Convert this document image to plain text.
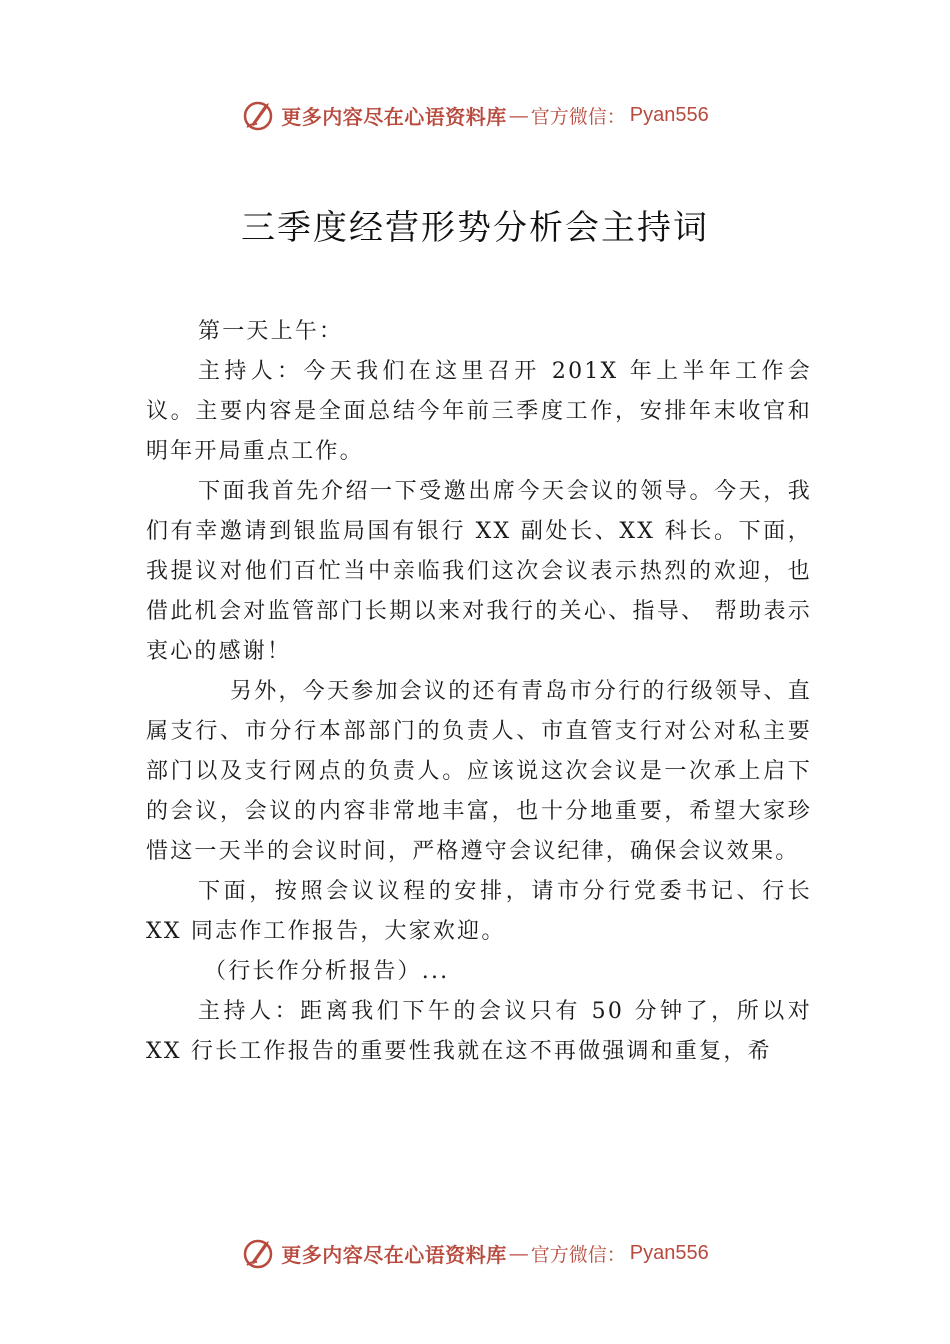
更多内容尽在心语资料库 — 官方微信： Pyan556
三季度经营形势分析会主持词

第一天上午：

主持人：今天我们在这里召开 201X 年上半年工作会议。主要内容是全面总结今年前三季度工作，安排年末收官和明年开局重点工作。

下面我首先介绍一下受邀出席今天会议的领导。今天，我们有幸邀请到银监局国有银行 XX 副处长、XX 科长。下面，我提议对他们百忙当中亲临我们这次会议表示热烈的欢迎，也借此机会对监管部门长期以来对我行的关心、指导、 帮助表示衷心的感谢！

另外，今天参加会议的还有青岛市分行的行级领导、直属支行、市分行本部部门的负责人、市直管支行对公对私主要部门以及支行网点的负责人。应该说这次会议是一次承上启下的会议，会议的内容非常地丰富，也十分地重要，希望大家珍惜这一天半的会议时间，严格遵守会议纪律，确保会议效果。

下面，按照会议议程的安排，请市分行党委书记、行长 XX 同志作工作报告，大家欢迎。

（行长作分析报告）...

主持人：距离我们下午的会议只有 50 分钟了，所以对 XX 行长工作报告的重要性我就在这不再做强调和重复，希

更多内容尽在心语资料库 — 官方微信： Pyan556
